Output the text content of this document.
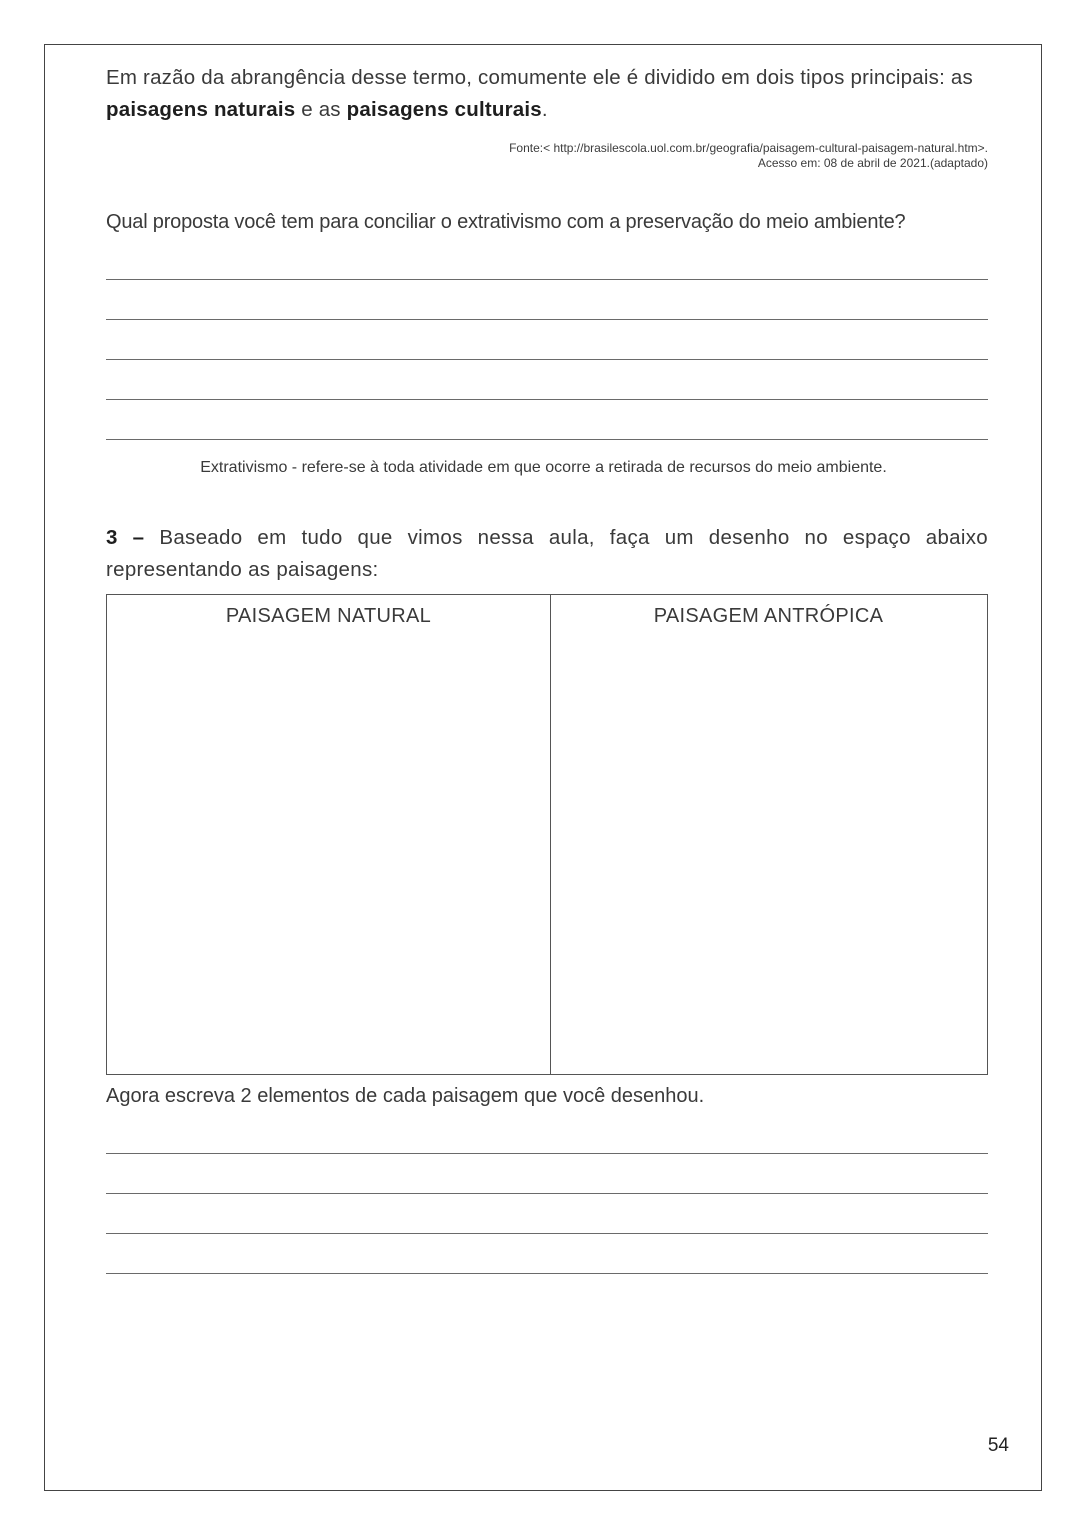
Em razão da abrangência desse termo, comumente ele é dividido em dois tipos principais: as paisagens naturais e as paisagens culturais.
Fonte:< http://brasilescola.uol.com.br/geografia/paisagem-cultural-paisagem-natural.htm>.
Acesso em: 08 de abril de 2021.(adaptado)
Qual proposta você tem para conciliar o extrativismo com a preservação do meio ambiente?
Extrativismo - refere-se à toda atividade em que ocorre a retirada de recursos do meio ambiente.
3 – Baseado em tudo que vimos nessa aula, faça um desenho no espaço abaixo representando as paisagens:
PAISAGEM NATURAL	PAISAGEM ANTRÓPICA
Agora escreva 2 elementos de cada paisagem que você desenhou.
54
